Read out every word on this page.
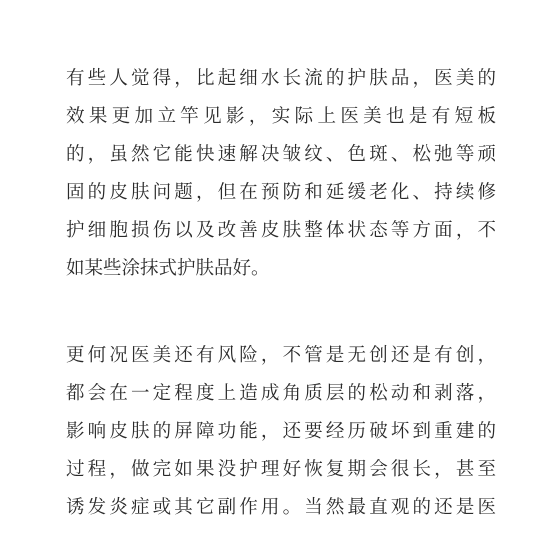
有些人觉得，比起细水长流的护肤品，医美的
效果更加立竿见影，实际上医美也是有短板
的，虽然它能快速解决皱纹、色斑、松弛等顽
固的皮肤问题，但在预防和延缓老化、持续修
护细胞损伤以及改善皮肤整体状态等方面，不
如某些涂抹式护肤品好。

更何况医美还有风险，不管是无创还是有创，
都会在一定程度上造成角质层的松动和剥落，
影响皮肤的屏障功能，还要经历破坏到重建的
过程，做完如果没护理好恢复期会很长，甚至
诱发炎症或其它副作用。当然最直观的还是医
